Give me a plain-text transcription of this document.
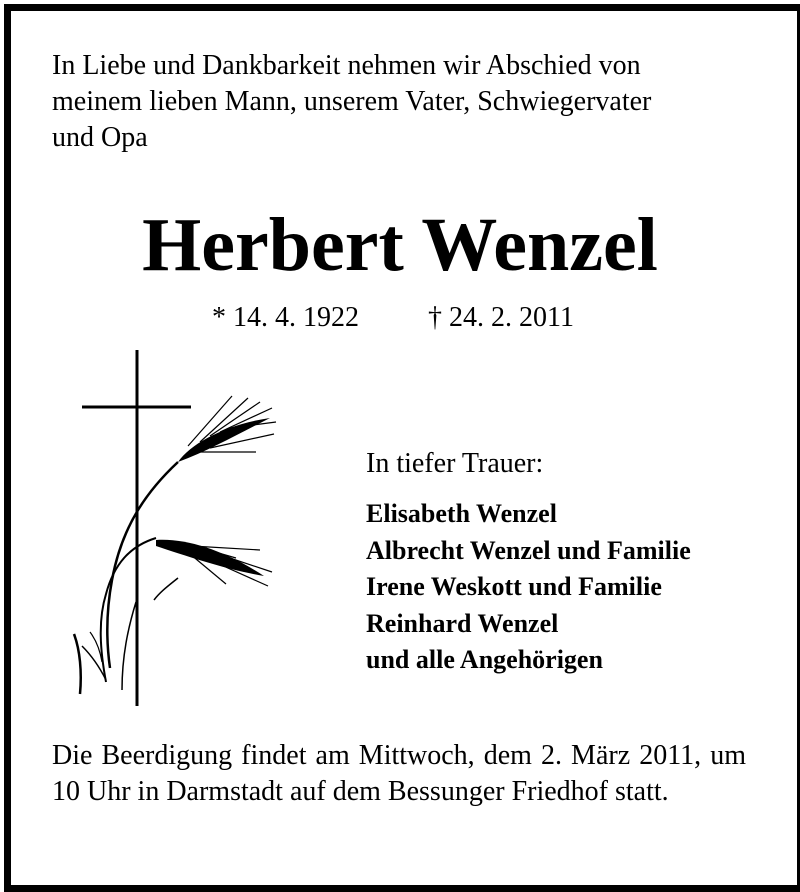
In Liebe und Dankbarkeit nehmen wir Abschied von
meinem lieben Mann, unserem Vater, Schwiegervater
und Opa
Herbert Wenzel
* 14. 4. 1922 † 24. 2. 2011
In tiefer Trauer:
Elisabeth Wenzel
Albrecht Wenzel und Familie
Irene Weskott und Familie
Reinhard Wenzel
und alle Angehörigen
Die Beerdigung findet am Mittwoch, dem 2. März 2011, um 10 Uhr in Darmstadt auf dem Bessunger Friedhof statt.
